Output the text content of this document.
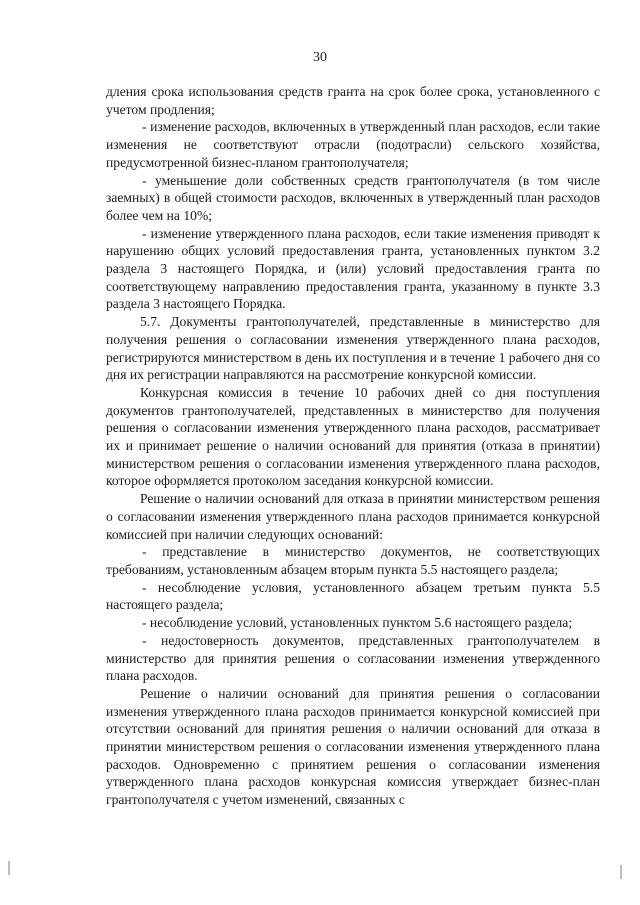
30

дления срока использования средств гранта на срок более срока, установленного с учетом продления;

- изменение расходов, включенных в утвержденный план расходов, если такие изменения не соответствуют отрасли (подотрасли) сельского хозяйства, предусмотренной бизнес-планом грантополучателя;

- уменьшение доли собственных средств грантополучателя (в том числе заемных) в общей стоимости расходов, включенных в утвержденный план расходов более чем на 10%;

- изменение утвержденного плана расходов, если такие изменения приводят к нарушению общих условий предоставления гранта, установленных пунктом 3.2 раздела 3 настоящего Порядка, и (или) условий предоставления гранта по соответствующему направлению предоставления гранта, указанному в пункте 3.3 раздела 3 настоящего Порядка.

5.7. Документы грантополучателей, представленные в министерство для получения решения о согласовании изменения утвержденного плана расходов, регистрируются министерством в день их поступления и в течение 1 рабочего дня со дня их регистрации направляются на рассмотрение конкурсной комиссии.

Конкурсная комиссия в течение 10 рабочих дней со дня поступления документов грантополучателей, представленных в министерство для получения решения о согласовании изменения утвержденного плана расходов, рассматривает их и принимает решение о наличии оснований для принятия (отказа в принятии) министерством решения о согласовании изменения утвержденного плана расходов, которое оформляется протоколом заседания конкурсной комиссии.

Решение о наличии оснований для отказа в принятии министерством решения о согласовании изменения утвержденного плана расходов принимается конкурсной комиссией при наличии следующих оснований:

- представление в министерство документов, не соответствующих требованиям, установленным абзацем вторым пункта 5.5 настоящего раздела;

- несоблюдение условия, установленного абзацем третьим пункта 5.5 настоящего раздела;

- несоблюдение условий, установленных пунктом 5.6 настоящего раздела;

- недостоверность документов, представленных грантополучателем в министерство для принятия решения о согласовании изменения утвержденного плана расходов.

Решение о наличии оснований для принятия решения о согласовании изменения утвержденного плана расходов принимается конкурсной комиссией при отсутствии оснований для принятия решения о наличии оснований для отказа в принятии министерством решения о согласовании изменения утвержденного плана расходов. Одновременно с принятием решения о согласовании изменения утвержденного плана расходов конкурсная комиссия утверждает бизнес-план грантополучателя с учетом изменений, связанных с
